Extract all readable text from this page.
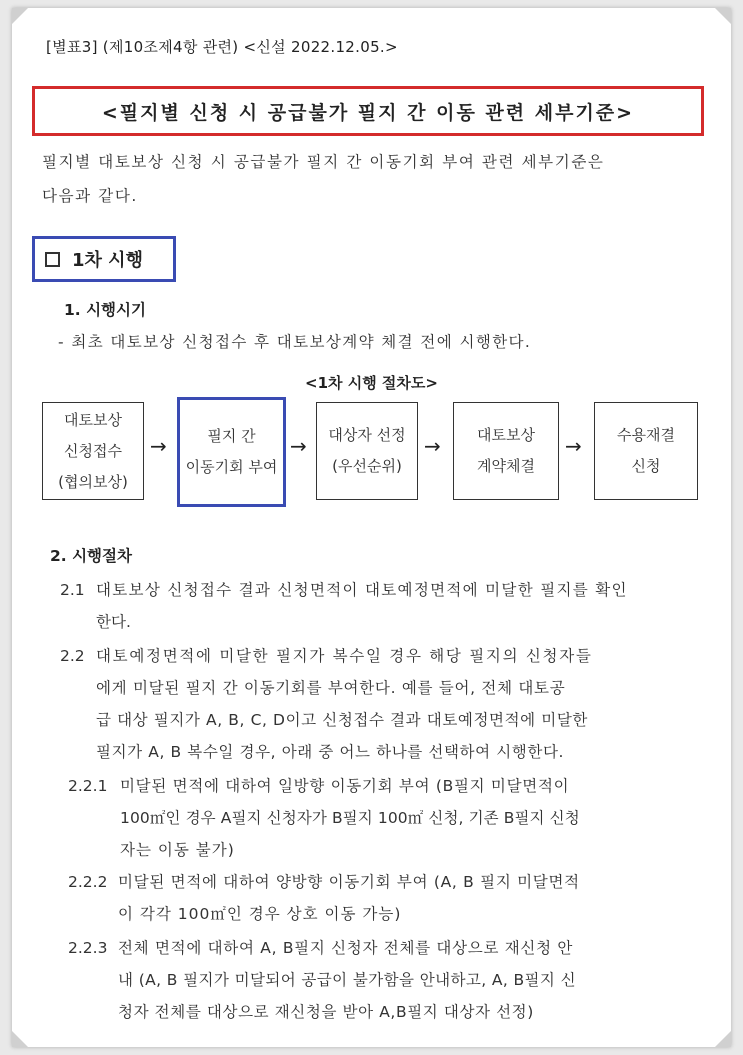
[별표3] (제10조제4항 관련) <신설 2022.12.05.>
<필지별 신청 시 공급불가 필지 간 이동 관련 세부기준>
필지별 대토보상 신청 시 공급불가 필지 간 이동기회 부여 관련 세부기준은
다음과 같다.
1차 시행
1. 시행시기
- 최초 대토보상 신청접수 후 대토보상계약 체결 전에 시행한다.
<1차 시행 절차도>
대토보상
신청접수
(협의보상)
→	필지 간
이동기회 부여
→ 대상자 선정
(우선순위)
→ 대토보상
계약체결
→ 수용재결
신청
2. 시행절차
2.1 대토보상 신청접수 결과 신청면적이 대토예정면적에 미달한 필지를 확인
한다.
2.2 대토예정면적에 미달한 필지가 복수일 경우 해당 필지의 신청자들
에게 미달된 필지 간 이동기회를 부여한다. 예를 들어, 전체 대토공
급 대상 필지가 A, B, C, D이고 신청접수 결과 대토예정면적에 미달한
필지가 A, B 복수일 경우, 아래 중 어느 하나를 선택하여 시행한다.
2.2.1 미달된 면적에 대하여 일방향 이동기회 부여 (B필지 미달면적이
100㎡인 경우 A필지 신청자가 B필지 100㎡ 신청, 기존 B필지 신청
자는 이동 불가)
2.2.2 미달된 면적에 대하여 양방향 이동기회 부여 (A, B 필지 미달면적
이 각각 100㎡인 경우 상호 이동 가능)
2.2.3 전체 면적에 대하여 A, B필지 신청자 전체를 대상으로 재신청 안
내 (A, B 필지가 미달되어 공급이 불가함을 안내하고, A, B필지 신
청자 전체를 대상으로 재신청을 받아 A,B필지 대상자 선정)
